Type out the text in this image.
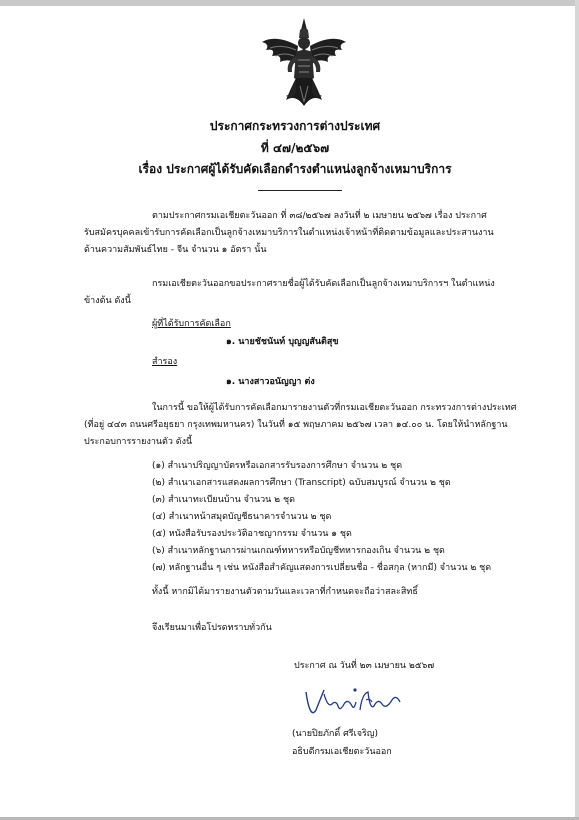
ประกาศกระทรวงการต่างประเทศ
ที่ ๔๗/๒๕๖๗
เรื่อง ประกาศผู้ได้รับคัดเลือกดำรงตำแหน่งลูกจ้างเหมาบริการ
ตามประกาศกรมเอเชียตะวันออก ที่ ๓๘/๒๕๖๗ ลงวันที่ ๒ เมษายน ๒๕๖๗ เรื่อง ประกาศ
รับสมัครบุคคลเข้ารับการคัดเลือกเป็นลูกจ้างเหมาบริการในตำแหน่งเจ้าหน้าที่ติดตามข้อมูลและประสานงาน
ด้านความสัมพันธ์ไทย - จีน จำนวน ๑ อัตรา นั้น
กรมเอเชียตะวันออกขอประกาศรายชื่อผู้ได้รับคัดเลือกเป็นลูกจ้างเหมาบริการฯ ในตำแหน่ง
ข้างต้น ดังนี้
ผู้ที่ได้รับการคัดเลือก
๑. นายชัชนันท์ บุญญสันติสุข
สำรอง
๑. นางสาวอนัญญา ต่ง
ในการนี้ ขอให้ผู้ได้รับการคัดเลือกมารายงานตัวที่กรมเอเชียตะวันออก กระทรวงการต่างประเทศ
(ที่อยู่ ๔๔๓ ถนนศรีอยุธยา กรุงเทพมหานคร) ในวันที่ ๑๕ พฤษภาคม ๒๕๖๗ เวลา ๑๔.๐๐ น. โดยให้นำหลักฐาน
ประกอบการรายงานตัว ดังนี้
(๑) สำเนาปริญญาบัตรหรือเอกสารรับรองการศึกษา จำนวน ๒ ชุด
(๒) สำเนาเอกสารแสดงผลการศึกษา (Transcript) ฉบับสมบูรณ์ จำนวน ๒ ชุด
(๓) สำเนาทะเบียนบ้าน จำนวน ๒ ชุด
(๔) สำเนาหน้าสมุดบัญชีธนาคารจำนวน ๒ ชุด
(๕) หนังสือรับรองประวัติอาชญากรรม จำนวน ๑ ชุด
(๖) สำเนาหลักฐานการผ่านเกณฑ์ทหารหรือบัญชีทหารกองเกิน จำนวน ๒ ชุด
(๗) หลักฐานอื่น ๆ เช่น หนังสือสำคัญแสดงการเปลี่ยนชื่อ - ชื่อสกุล (หากมี) จำนวน ๒ ชุด
ทั้งนี้ หากมิได้มารายงานตัวตามวันและเวลาที่กำหนดจะถือว่าสละสิทธิ์
จึงเรียนมาเพื่อโปรดทราบทั่วกัน
ประกาศ ณ วันที่ ๒๓ เมษายน ๒๕๖๗
(นายปิยภักดิ์ ศรีเจริญ)
อธิบดีกรมเอเชียตะวันออก
